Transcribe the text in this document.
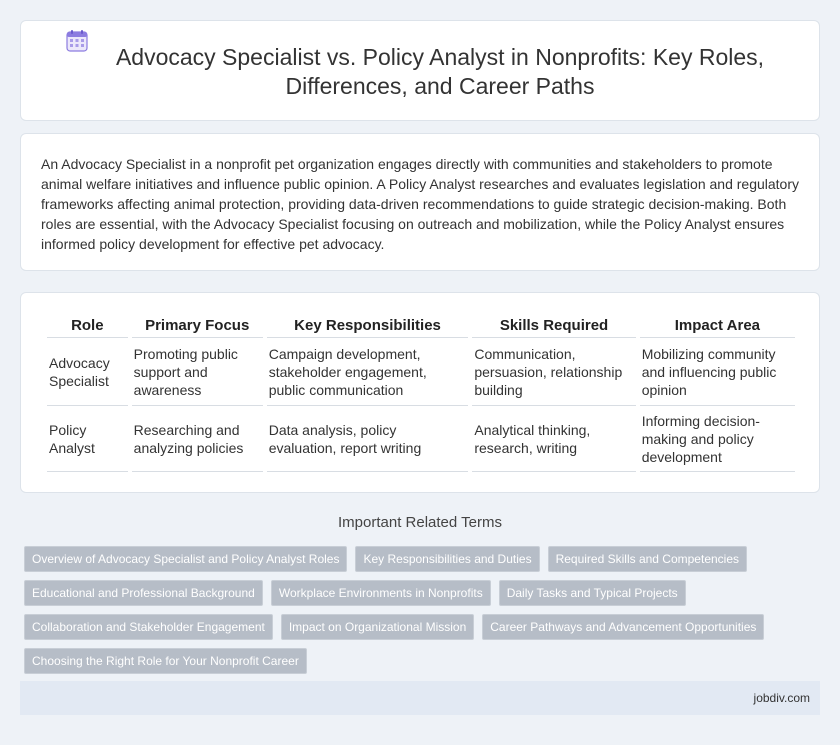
Advocacy Specialist vs. Policy Analyst in Nonprofits: Key Roles, Differences, and Career Paths

An Advocacy Specialist in a nonprofit pet organization engages directly with communities and stakeholders to promote animal welfare initiatives and influence public opinion. A Policy Analyst researches and evaluates legislation and regulatory frameworks affecting animal protection, providing data-driven recommendations to guide strategic decision-making. Both roles are essential, with the Advocacy Specialist focusing on outreach and mobilization, while the Policy Analyst ensures informed policy development for effective pet advocacy.

Role	Primary Focus	Key Responsibilities	Skills Required	Impact Area
Advocacy Specialist	Promoting public support and awareness	Campaign development, stakeholder engagement, public communication	Communication, persuasion, relationship building	Mobilizing community and influencing public opinion
Policy Analyst	Researching and analyzing policies	Data analysis, policy evaluation, report writing	Analytical thinking, research, writing	Informing decision-making and policy development
Important Related Terms
Overview of Advocacy Specialist and Policy Analyst Roles	Key Responsibilities and Duties	Required Skills and Competencies
Educational and Professional Background	Workplace Environments in Nonprofits	Daily Tasks and Typical Projects
Collaboration and Stakeholder Engagement	Impact on Organizational Mission	Career Pathways and Advancement Opportunities
Choosing the Right Role for Your Nonprofit Career
jobdiv.com
